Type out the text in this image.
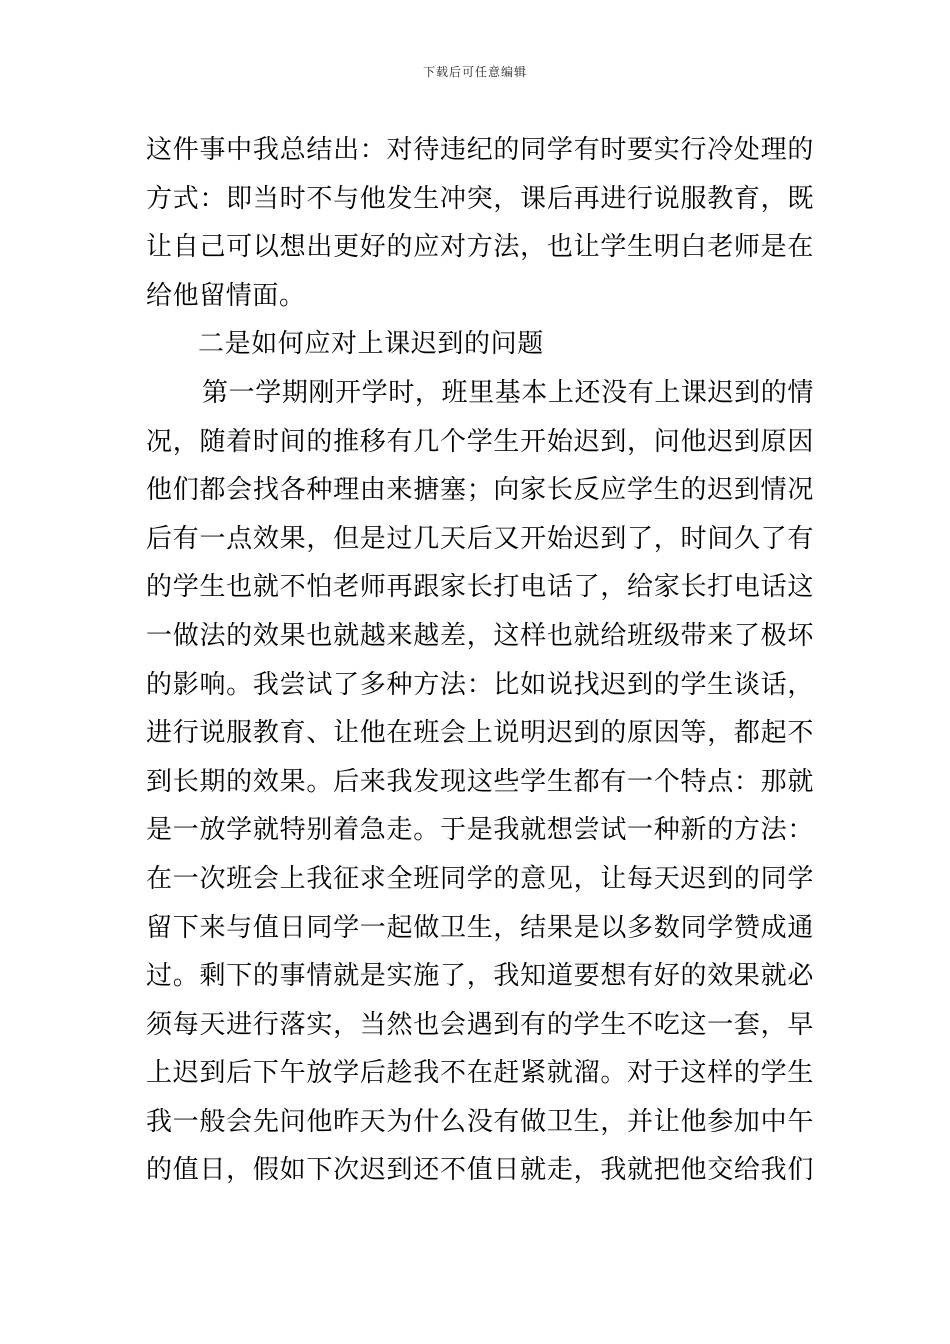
下载后可任意编辑
这件事中我总结出：对待违纪的同学有时要实行冷处理的
方式：即当时不与他发生冲突，课后再进行说服教育，既
让自己可以想出更好的应对方法，也让学生明白老师是在
给他留情面。
二是如何应对上课迟到的问题
第一学期刚开学时，班里基本上还没有上课迟到的情
况，随着时间的推移有几个学生开始迟到，问他迟到原因
他们都会找各种理由来搪塞；向家长反应学生的迟到情况
后有一点效果，但是过几天后又开始迟到了，时间久了有
的学生也就不怕老师再跟家长打电话了，给家长打电话这
一做法的效果也就越来越差，这样也就给班级带来了极坏
的影响。我尝试了多种方法：比如说找迟到的学生谈话，
进行说服教育、让他在班会上说明迟到的原因等，都起不
到长期的效果。后来我发现这些学生都有一个特点：那就
是一放学就特别着急走。于是我就想尝试一种新的方法：
在一次班会上我征求全班同学的意见，让每天迟到的同学
留下来与值日同学一起做卫生，结果是以多数同学赞成通
过。剩下的事情就是实施了，我知道要想有好的效果就必
须每天进行落实，当然也会遇到有的学生不吃这一套，早
上迟到后下午放学后趁我不在赶紧就溜。对于这样的学生
我一般会先问他昨天为什么没有做卫生，并让他参加中午
的值日，假如下次迟到还不值日就走，我就把他交给我们
